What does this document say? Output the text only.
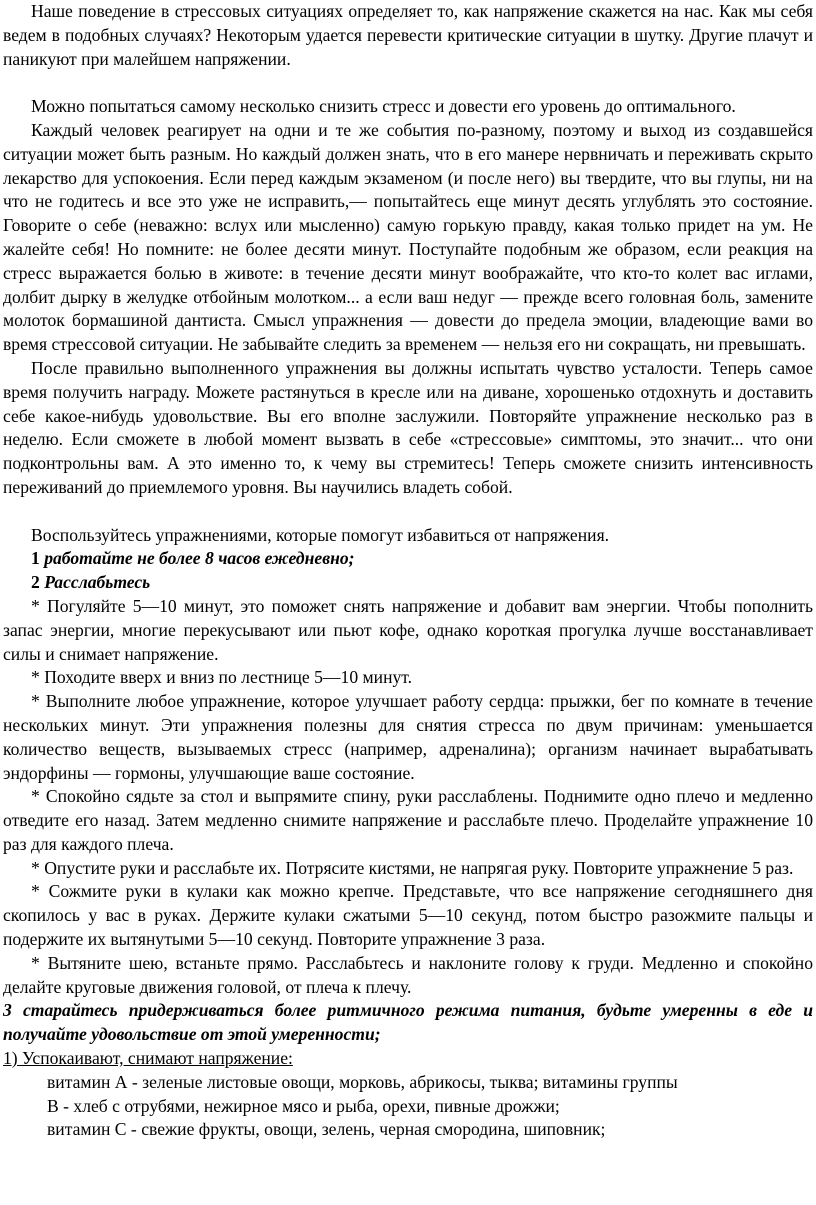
Наше поведение в стрессовых ситуациях определяет то, как напряжение скажется на нас. Как мы себя ведем в подобных случаях? Некоторым удается перевести критические ситуации в шутку. Другие плачут и паникуют при малейшем напряжении.

Можно попытаться самому несколько снизить стресс и довести его уровень до оптимального.

Каждый человек реагирует на одни и те же события по-разному, поэтому и выход из создавшейся ситуации может быть разным. Но каждый должен знать, что в его манере нервничать и переживать скрыто лекарство для успокоения. Если перед каждым экзаменом (и после него) вы твердите, что вы глупы, ни на что не годитесь и все это уже не исправить,— попытайтесь еще минут десять углублять это состояние. Говорите о себе (неважно: вслух или мысленно) самую горькую правду, какая только придет на ум. Не жалейте себя! Но помните: не более десяти минут. Поступайте подобным же образом, если реакция на стресс выражается болью в животе: в течение десяти минут воображайте, что кто-то колет вас иглами, долбит дырку в желудке отбойным молотком... а если ваш недуг — прежде всего головная боль, замените молоток бормашиной дантиста. Смысл упражнения — довести до предела эмоции, владеющие вами во время стрессовой ситуации. Не забывайте следить за временем — нельзя его ни сокращать, ни превышать.

После правильно выполненного упражнения вы должны испытать чувство усталости. Теперь самое время получить награду. Можете растянуться в кресле или на диване, хорошенько отдохнуть и доставить себе какое-нибудь удовольствие. Вы его вполне заслужили. Повторяйте упражнение несколько раз в неделю. Если сможете в любой момент вызвать в себе «стрессовые» симптомы, это значит... что они подконтрольны вам. А это именно то, к чему вы стремитесь! Теперь сможете снизить интенсивность переживаний до приемлемого уровня. Вы научились владеть собой.

Воспользуйтесь упражнениями, которые помогут избавиться от напряжения.

1 работайте не более 8 часов ежедневно;

2 Расслабьтесь

* Погуляйте 5—10 минут, это поможет снять напряжение и добавит вам энергии. Чтобы пополнить запас энергии, многие перекусывают или пьют кофе, однако короткая прогулка лучше восстанавливает силы и снимает напряжение.

* Походите вверх и вниз по лестнице 5—10 минут.

* Выполните любое упражнение, которое улучшает работу сердца: прыжки, бег по комнате в течение нескольких минут. Эти упражнения полезны для снятия стресса по двум причинам: уменьшается количество веществ, вызываемых стресс (например, адреналина); организм начинает вырабатывать эндорфины — гормоны, улучшающие ваше состояние.

* Спокойно сядьте за стол и выпрямите спину, руки расслаблены. Поднимите одно плечо и медленно отведите его назад. Затем медленно снимите напряжение и расслабьте плечо. Проделайте упражнение 10 раз для каждого плеча.

* Опустите руки и расслабьте их. Потрясите кистями, не напрягая руку. Повторите упражнение 5 раз.

* Сожмите руки в кулаки как можно крепче. Представьте, что все напряжение сегодняшнего дня скопилось у вас в руках. Держите кулаки сжатыми 5—10 секунд, потом быстро разожмите пальцы и подержите их вытянутыми 5—10 секунд. Повторите упражнение 3 раза.

* Вытяните шею, встаньте прямо. Расслабьтесь и наклоните голову к груди. Медленно и спокойно делайте круговые движения головой, от плеча к плечу.

3 старайтесь придерживаться более ритмичного режима питания, будьте умеренны в еде и получайте удовольствие от этой умеренности;

1) Успокаивают, снимают напряжение:

витамин А - зеленые листовые овощи, морковь, абрикосы, тыква; витамины группы

В - хлеб с отрубями, нежирное мясо и рыба, орехи, пивные дрожжи;

витамин С - свежие фрукты, овощи, зелень, черная смородина, шиповник;
